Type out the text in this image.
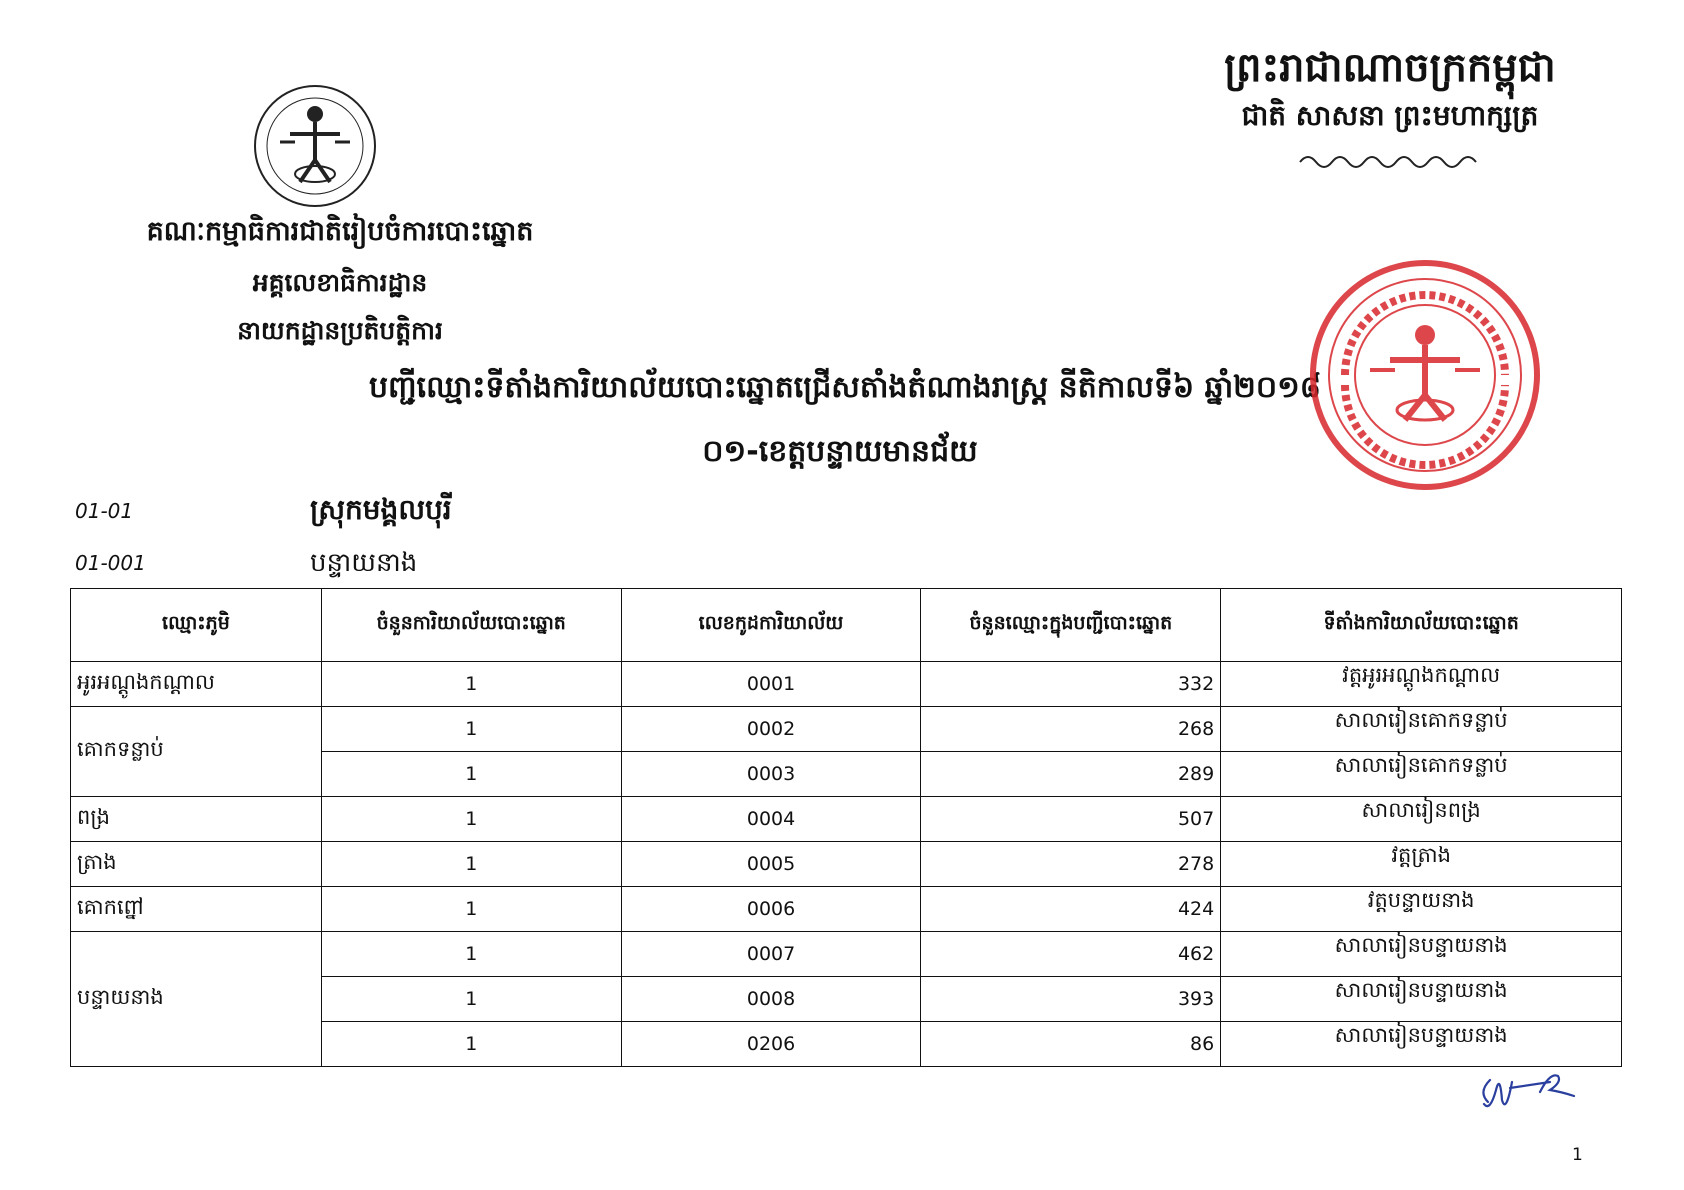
ព្រះរាជាណាចក្រកម្ពុជា
ជាតិ សាសនា ព្រះមហាក្សត្រ
គណៈកម្មាធិការជាតិរៀបចំការបោះឆ្នោត
អគ្គលេខាធិការដ្ឋាន
នាយកដ្ឋានប្រតិបត្តិការ
បញ្ជីឈ្មោះទីតាំងការិយាល័យបោះឆ្នោតជ្រើសតាំងតំណាងរាស្ត្រ នីតិកាលទី៦ ឆ្នាំ២០១៨
០១-ខេត្តបន្ទាយមានជ័យ
01-01	ស្រុកមង្គលបុរី
01-001	បន្ទាយនាង
ឈ្មោះភូមិ	ចំនួនការិយាល័យបោះឆ្នោត	លេខកូដការិយាល័យ	ចំនួនឈ្មោះក្នុងបញ្ជីបោះឆ្នោត	ទីតាំងការិយាល័យបោះឆ្នោត
អូរអណ្តូងកណ្តាល	1	0001	332	វត្តអូរអណ្តូងកណ្តាល
គោកទន្លាប់	1	0002	268	សាលារៀនគោកទន្លាប់
	1	0003	289	សាលារៀនគោកទន្លាប់
ពង្រ	1	0004	507	សាលារៀនពង្រ
ត្រាង	1	0005	278	វត្តត្រាង
គោកព្នៅ	1	0006	424	វត្តបន្ទាយនាង
បន្ទាយនាង	1	0007	462	សាលារៀនបន្ទាយនាង
	1	0008	393	សាលារៀនបន្ទាយនាង
	1	0206	86	សាលារៀនបន្ទាយនាង
1
